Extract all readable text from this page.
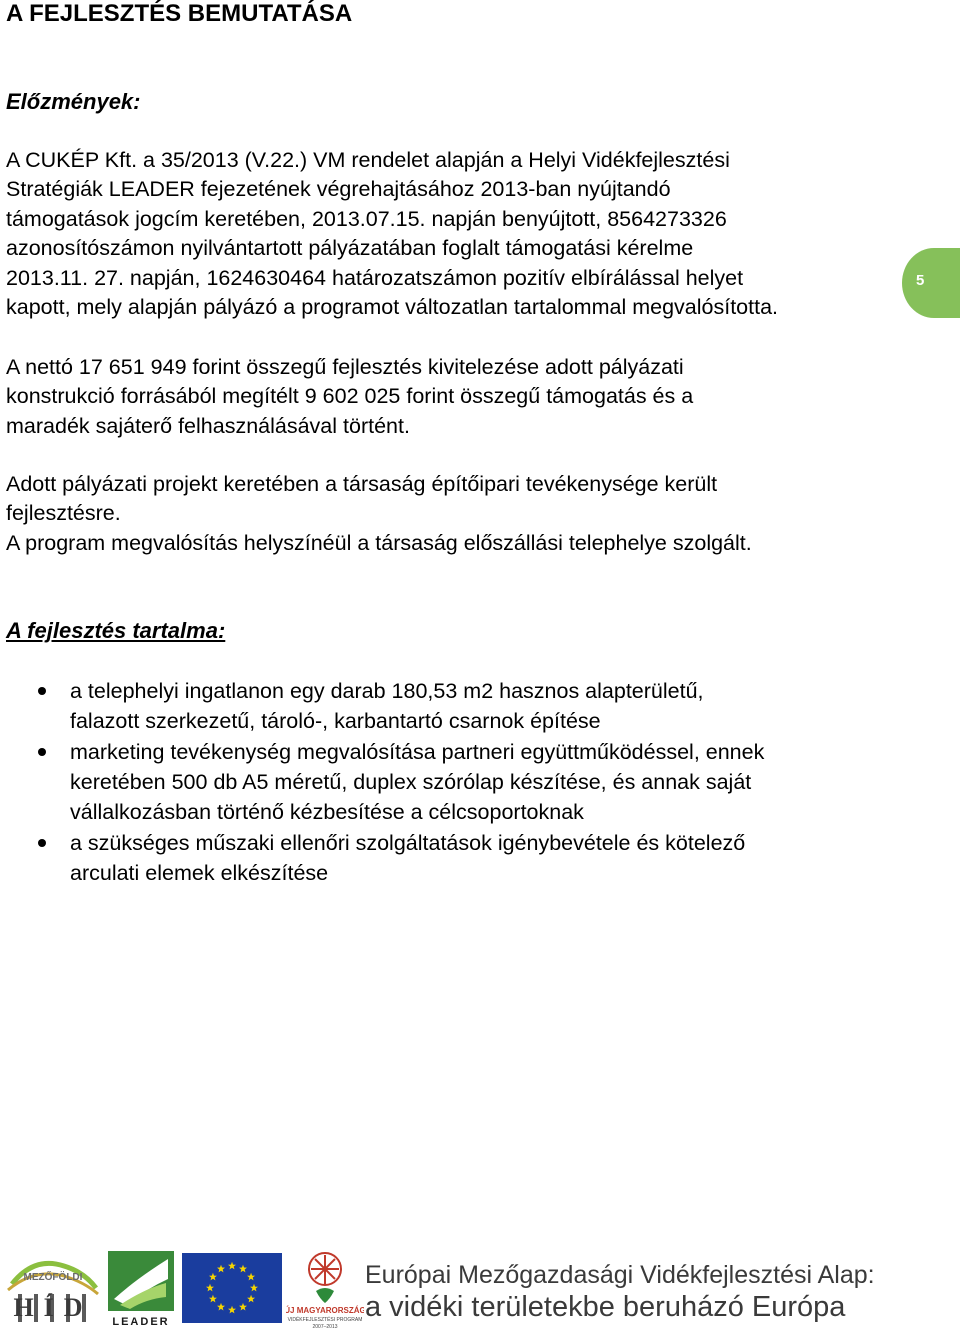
A FEJLESZTÉS BEMUTATÁSA
Előzmények:
A CUKÉP Kft. a 35/2013 (V.22.) VM rendelet alapján a Helyi Vidékfejlesztési
Stratégiák LEADER fejezetének végrehajtásához 2013-ban nyújtandó
támogatások jogcím keretében, 2013.07.15. napján benyújtott, 8564273326
azonosítószámon nyilvántartott pályázatában foglalt támogatási kérelme
2013.11. 27. napján, 1624630464 határozatszámon pozitív elbírálással helyet
kapott, mely alapján pályázó a programot változatlan tartalommal megvalósította.
5
A nettó 17 651 949 forint összegű fejlesztés kivitelezése adott pályázati
konstrukció forrásából megítélt 9 602 025 forint összegű támogatás és a
maradék sajáterő felhasználásával történt.
Adott pályázati projekt keretében a társaság építőipari tevékenysége került
fejlesztésre.
A program megvalósítás helyszínéül a társaság előszállási telephelye szolgált.
A fejlesztés tartalma:
a telephelyi ingatlanon egy darab 180,53 m2 hasznos alapterületű,
falazott szerkezetű, tároló-, karbantartó csarnok építése
marketing tevékenység megvalósítása partneri együttműködéssel, ennek
keretében 500 db A5 méretű, duplex szórólap készítése, és annak saját
vállalkozásban történő kézbesítése a célcsoportoknak
a szükséges műszaki ellenőri szolgáltatások igénybevétele és kötelező
arculati elemek elkészítése
MEZŐFÖLDI
HÍD LEADER
ÚJ MAGYARORSZÁG
VIDÉKFEJLESZTÉSI PROGRAM
2007–2013
Európai Mezőgazdasági Vidékfejlesztési Alap:
a vidéki területekbe beruházó Európa
